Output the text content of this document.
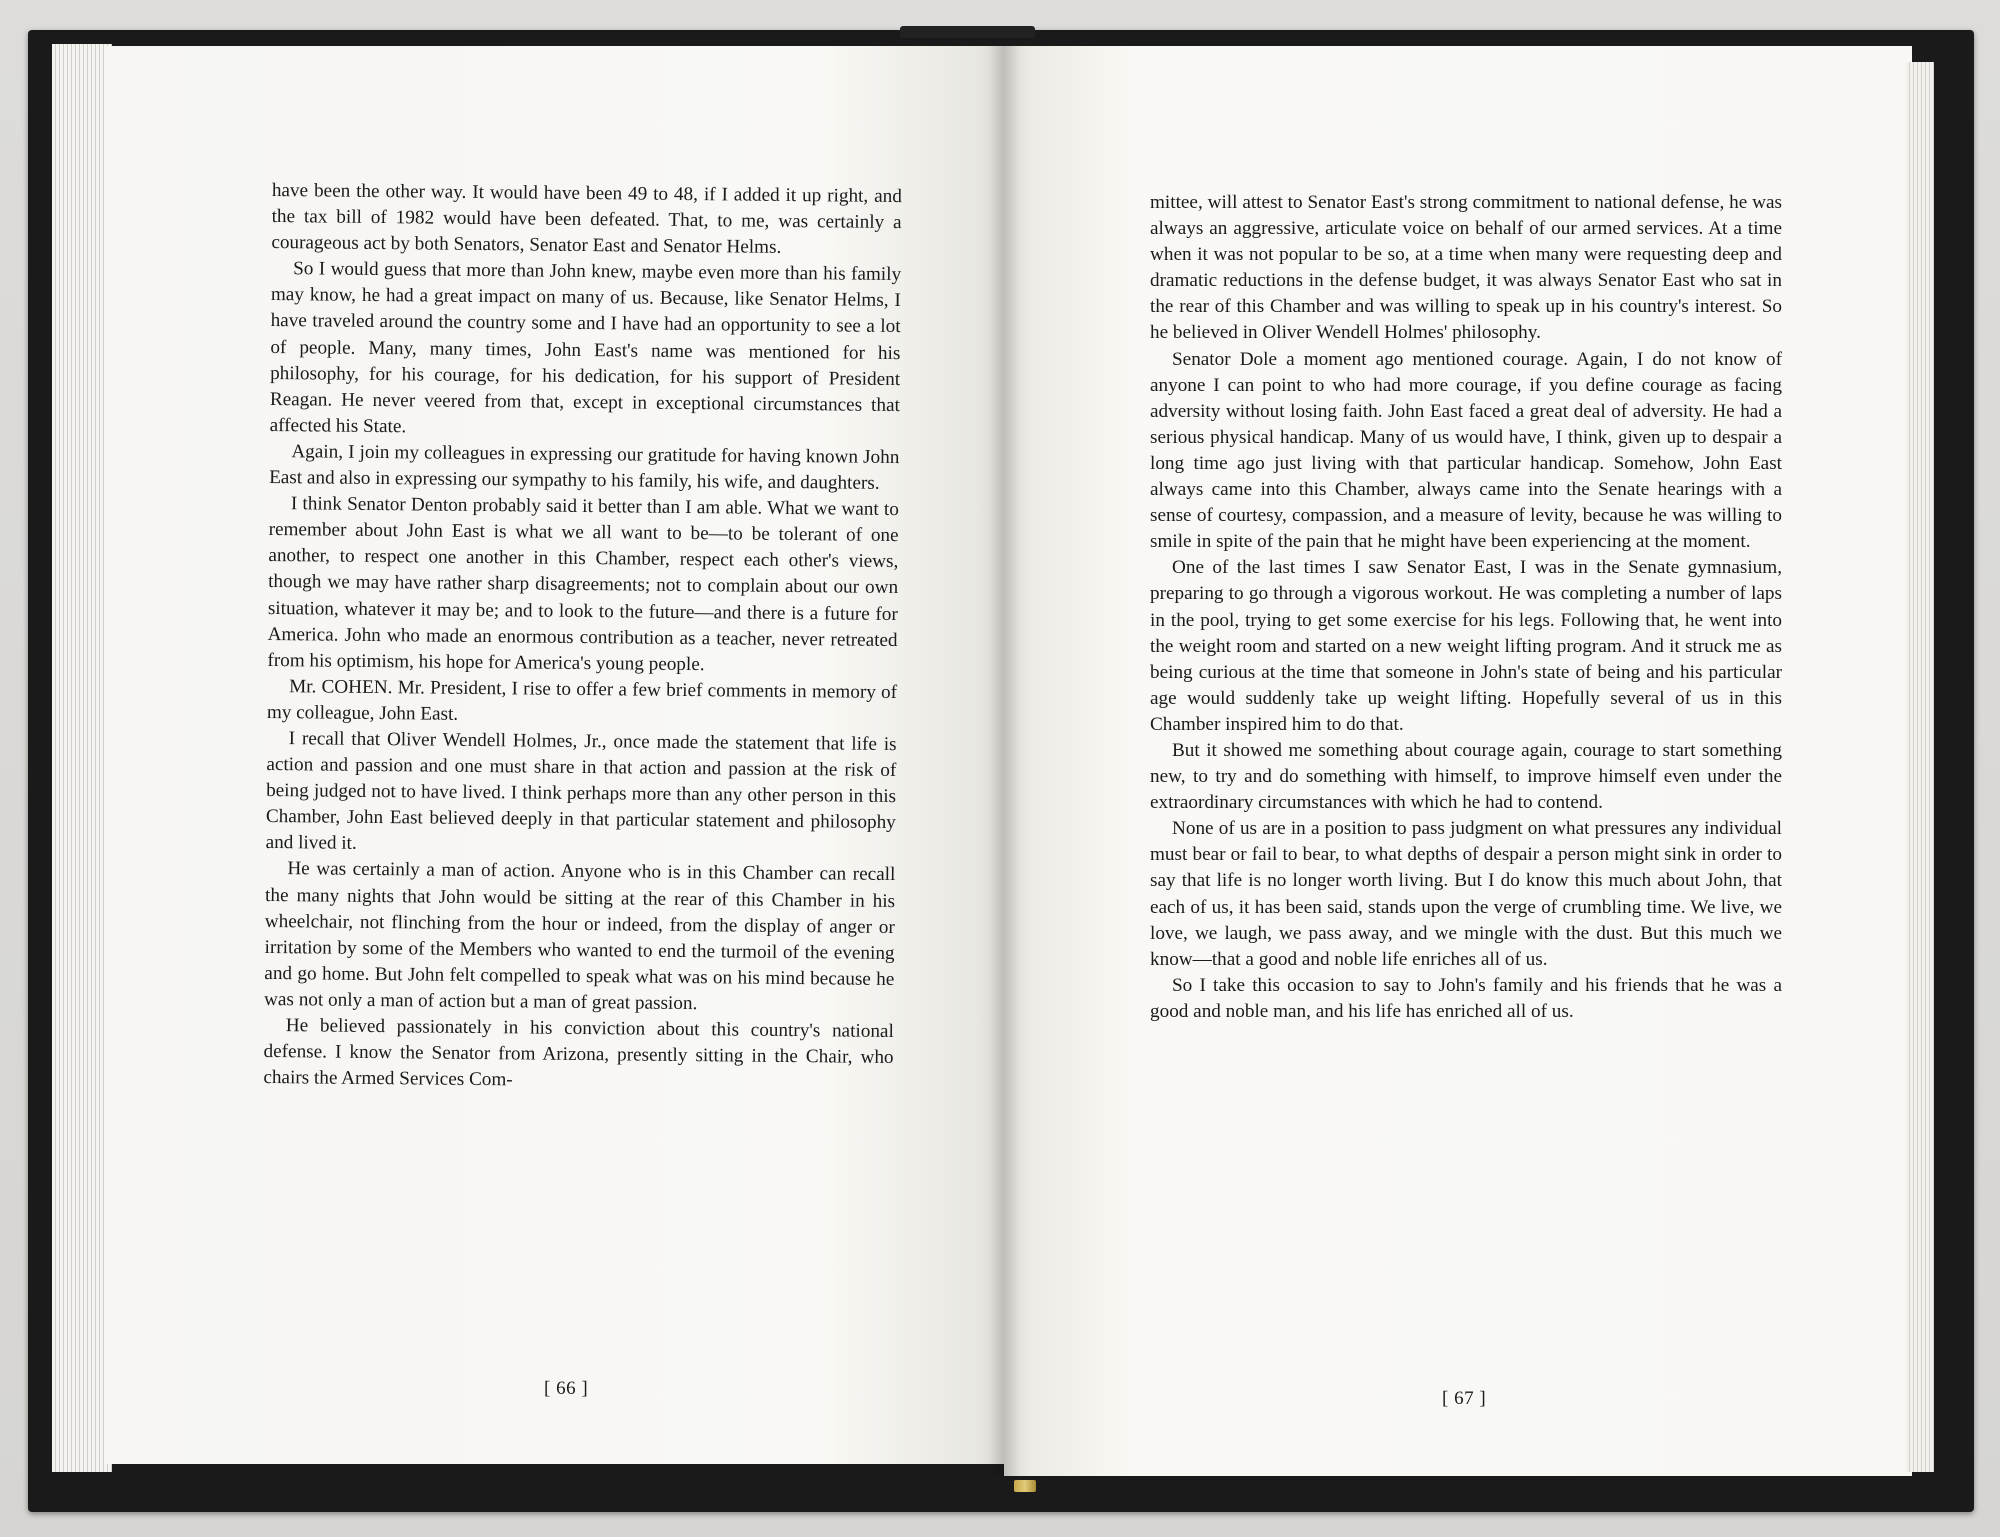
have been the other way. It would have been 49 to 48, if I added it up right, and the tax bill of 1982 would have been defeated. That, to me, was certainly a courageous act by both Senators, Senator East and Senator Helms.

So I would guess that more than John knew, maybe even more than his family may know, he had a great impact on many of us. Because, like Senator Helms, I have traveled around the country some and I have had an opportunity to see a lot of people. Many, many times, John East's name was mentioned for his philosophy, for his courage, for his dedication, for his support of President Reagan. He never veered from that, except in exceptional circumstances that affected his State.

Again, I join my colleagues in expressing our gratitude for having known John East and also in expressing our sympathy to his family, his wife, and daughters.

I think Senator Denton probably said it better than I am able. What we want to remember about John East is what we all want to be—to be tolerant of one another, to respect one another in this Chamber, respect each other's views, though we may have rather sharp disagreements; not to complain about our own situation, whatever it may be; and to look to the future—and there is a future for America. John who made an enormous contribution as a teacher, never retreated from his optimism, his hope for America's young people.

Mr. COHEN. Mr. President, I rise to offer a few brief comments in memory of my colleague, John East.

I recall that Oliver Wendell Holmes, Jr., once made the statement that life is action and passion and one must share in that action and passion at the risk of being judged not to have lived. I think perhaps more than any other person in this Chamber, John East believed deeply in that particular statement and philosophy and lived it.

He was certainly a man of action. Anyone who is in this Chamber can recall the many nights that John would be sitting at the rear of this Chamber in his wheelchair, not flinching from the hour or indeed, from the display of anger or irritation by some of the Members who wanted to end the turmoil of the evening and go home. But John felt compelled to speak what was on his mind because he was not only a man of action but a man of great passion.

He believed passionately in his conviction about this country's national defense. I know the Senator from Arizona, presently sitting in the Chair, who chairs the Armed Services Com-

[ 66 ]

mittee, will attest to Senator East's strong commitment to national defense, he was always an aggressive, articulate voice on behalf of our armed services. At a time when it was not popular to be so, at a time when many were requesting deep and dramatic reductions in the defense budget, it was always Senator East who sat in the rear of this Chamber and was willing to speak up in his country's interest. So he believed in Oliver Wendell Holmes' philosophy.

Senator Dole a moment ago mentioned courage. Again, I do not know of anyone I can point to who had more courage, if you define courage as facing adversity without losing faith. John East faced a great deal of adversity. He had a serious physical handicap. Many of us would have, I think, given up to despair a long time ago just living with that particular handicap. Somehow, John East always came into this Chamber, always came into the Senate hearings with a sense of courtesy, compassion, and a measure of levity, because he was willing to smile in spite of the pain that he might have been experiencing at the moment.

One of the last times I saw Senator East, I was in the Senate gymnasium, preparing to go through a vigorous workout. He was completing a number of laps in the pool, trying to get some exercise for his legs. Following that, he went into the weight room and started on a new weight lifting program. And it struck me as being curious at the time that someone in John's state of being and his particular age would suddenly take up weight lifting. Hopefully several of us in this Chamber inspired him to do that.

But it showed me something about courage again, courage to start something new, to try and do something with himself, to improve himself even under the extraordinary circumstances with which he had to contend.

None of us are in a position to pass judgment on what pressures any individual must bear or fail to bear, to what depths of despair a person might sink in order to say that life is no longer worth living. But I do know this much about John, that each of us, it has been said, stands upon the verge of crumbling time. We live, we love, we laugh, we pass away, and we mingle with the dust. But this much we know—that a good and noble life enriches all of us.

So I take this occasion to say to John's family and his friends that he was a good and noble man, and his life has enriched all of us.

[ 67 ]
